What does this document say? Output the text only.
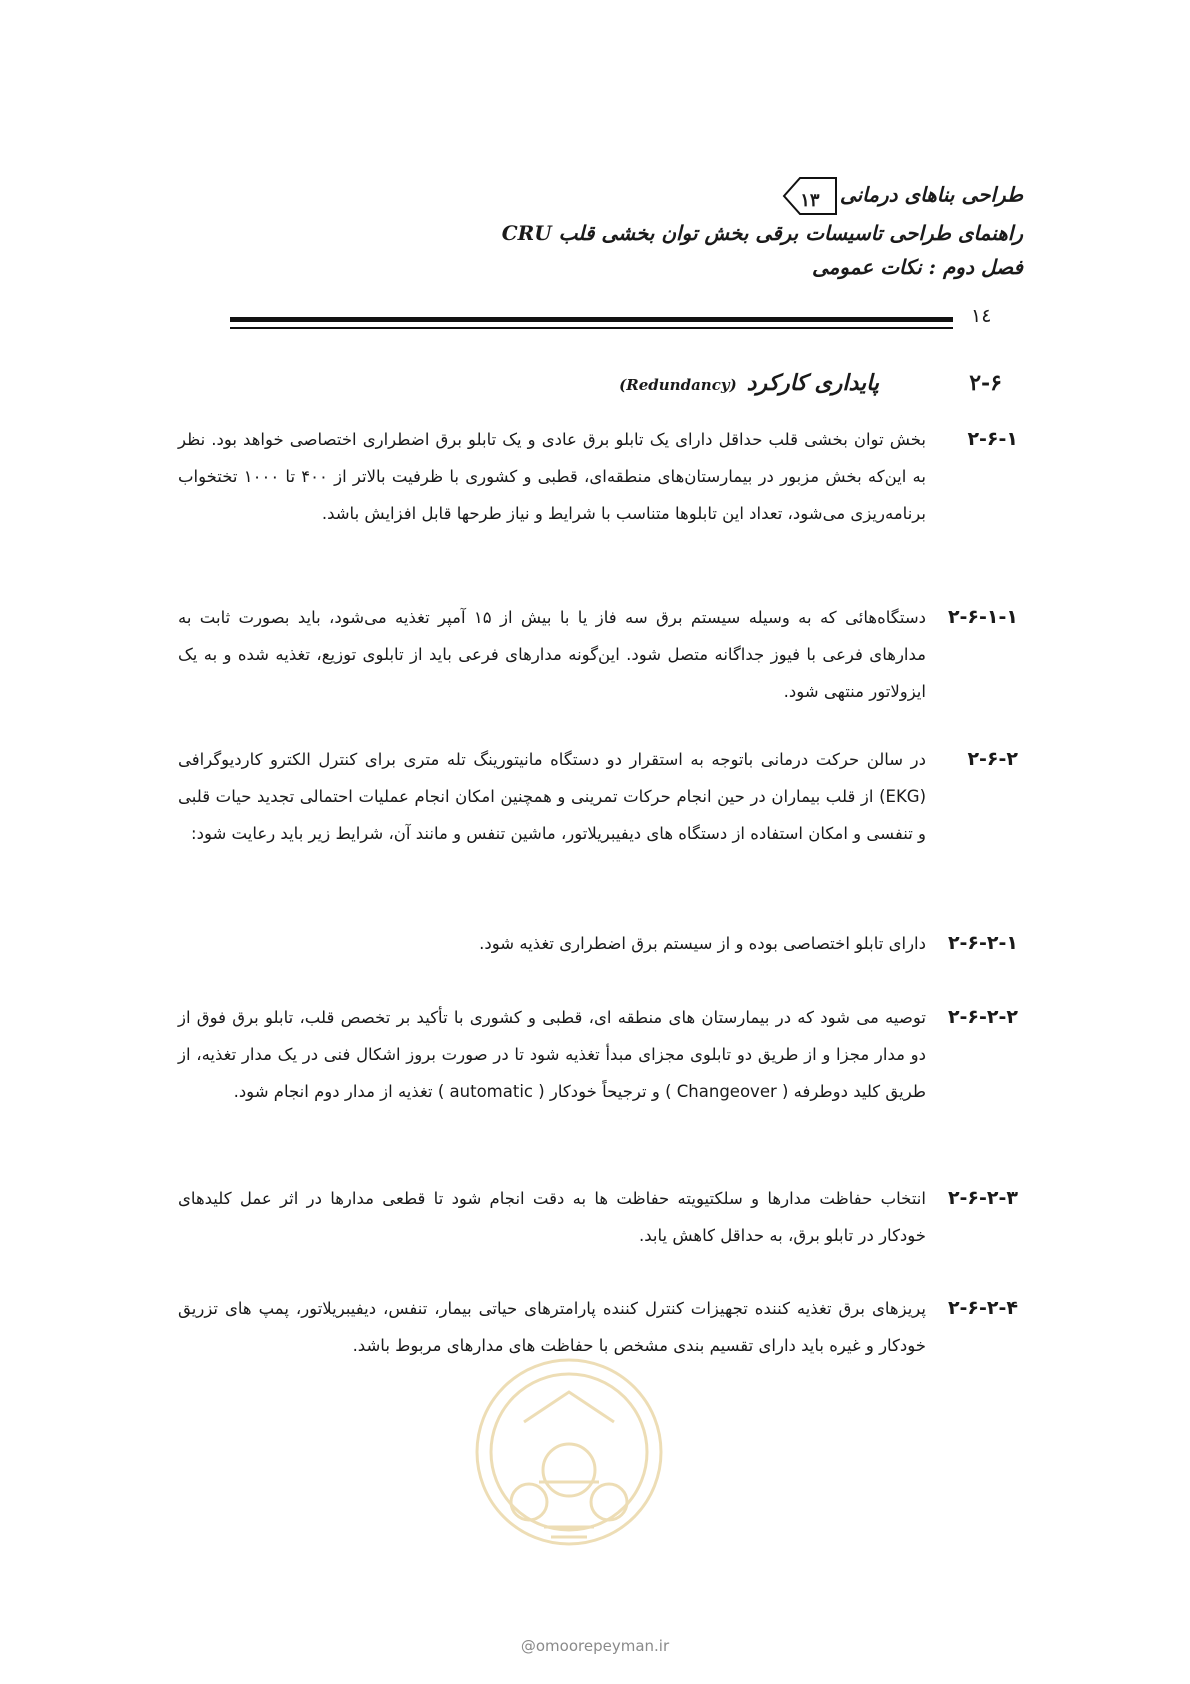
طراحی بناهای درمانی
۱۳
راهنمای طراحی تاسیسات برقی بخش توان بخشی قلب CRU
فصل دوم : نکات عمومی
١٤
۲-۶
پایداری کارکرد(Redundancy)
۲-۶-۱
بخش توان بخشی قلب حداقل دارای یک تابلو برق عادی و یک تابلو برق اضطراری اختصاصی خواهد بود. نظر به این‌که بخش مزبور در بیمارستان‌های منطقه‌ای، قطبی و کشوری با ظرفیت بالاتر از ۴۰۰ تا ۱۰۰۰ تختخواب برنامه‌ریزی می‌شود، تعداد این تابلوها متناسب با شرایط و نیاز طرحها قابل افزایش باشد.
۲-۶-۱-۱
دستگاه‌هائی که به وسیله سیستم برق سه فاز یا با بیش از ۱۵ آمپر تغذیه می‌شود، باید بصورت ثابت به مدارهای فرعی با فیوز جداگانه متصل شود. این‌گونه مدارهای فرعی باید از تابلوی توزیع، تغذیه شده و به یک ایزولاتور منتهی شود.
۲-۶-۲
در سالن حرکت درمانی باتوجه به استقرار دو دستگاه مانیتورینگ تله متری برای کنترل الکترو کاردیوگرافی (EKG) از قلب بیماران در حین انجام حرکات تمرینی و همچنین امکان انجام عملیات احتمالی تجدید حیات قلبی و تنفسی و امکان استفاده از دستگاه های دیفیبریلاتور، ماشین تنفس و مانند آن، شرایط زیر باید رعایت شود:
۲-۶-۲-۱
دارای تابلو اختصاصی بوده و از سیستم برق اضطراری تغذیه شود.
۲-۶-۲-۲
توصیه می شود که در بیمارستان های منطقه ای، قطبی و کشوری با تأکید بر تخصص قلب، تابلو برق فوق از دو مدار مجزا و از طریق دو تابلوی مجزای مبدأ تغذیه شود تا در صورت بروز اشکال فنی در یک مدار تغذیه، از طریق کلید دوطرفه ( Changeover ) و ترجیحاً خودکار ( automatic ) تغذیه از مدار دوم انجام شود.
۲-۶-۲-۳
انتخاب حفاظت مدارها و سلکتیویته حفاظت ها به دقت انجام شود تا قطعی مدارها در اثر عمل کلیدهای خودکار در تابلو برق، به حداقل کاهش یابد.
۲-۶-۲-۴
پریزهای برق تغذیه کننده تجهیزات کنترل کننده پارامترهای حیاتی بیمار، تنفس، دیفیبریلاتور، پمپ های تزریق خودکار و غیره باید دارای تقسیم بندی مشخص با حفاظت های مدارهای مربوط باشد.
@omoorepeyman.ir
